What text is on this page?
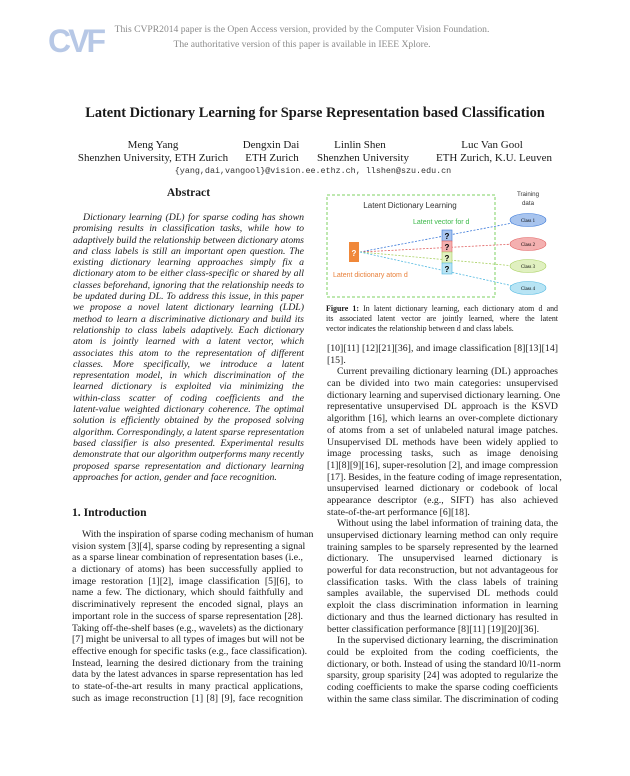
CVF	This CVPR2014 paper is the Open Access version, provided by the Computer Vision Foundation.
The authoritative version of this paper is available in IEEE Xplore.
Latent Dictionary Learning for Sparse Representation based Classification
Meng Yang
Shenzhen University, ETH Zurich
Dengxin Dai
ETH Zurich
Linlin Shen
Shenzhen University
Luc Van Gool
ETH Zurich, K.U. Leuven
{yang,dai,vangool}@vision.ee.ethz.ch, llshen@szu.edu.cn
Abstract
Dictionary learning (DL) for sparse coding has shown
promising results in classification tasks, while how to
adaptively build the relationship between dictionary atoms
and class labels is still an important open question. The
existing dictionary learning approaches simply fix a
dictionary atom to be either class-specific or shared by all
classes beforehand, ignoring that the relationship needs to
be updated during DL. To address this issue, in this paper
we propose a novel latent dictionary learning (LDL)
method to learn a discriminative dictionary and build its
relationship to class labels adaptively. Each dictionary
atom is jointly learned with a latent vector, which
associates this atom to the representation of different
classes. More specifically, we introduce a latent
representation model, in which discrimination of the
learned dictionary is exploited via minimizing the
within-class scatter of coding coefficients and the
latent-value weighted dictionary coherence. The optimal
solution is efficiently obtained by the proposed solving
algorithm. Correspondingly, a latent sparse representation
based classifier is also presented. Experimental results
demonstrate that our algorithm outperforms many recently
proposed sparse representation and dictionary learning
approaches for action, gender and face recognition.
1. Introduction
With the inspiration of sparse coding mechanism of human
vision system [3][4], sparse coding by representing a signal
as a sparse linear combination of representation bases (i.e.,
a dictionary of atoms) has been successfully applied to
image restoration [1][2], image classification [5][6], to
name a few. The dictionary, which should faithfully and
discriminatively represent the encoded signal, plays an
important role in the success of sparse representation [28].
Taking off-the-shelf bases (e.g., wavelets) as the dictionary
[7] might be universal to all types of images but will not be
effective enough for specific tasks (e.g., face classification).
Instead, learning the desired dictionary from the training
data by the latest advances in sparse representation has led
to state-of-the-art results in many practical applications,
such as image reconstruction [1] [8] [9], face recognition
Latent Dictionary Learning
Latent vector for d
Latent dictionary atom d
Training
data
?
?
?
?
?
Class 1
Class 2
Class 3
Class 4
Figure 1: In latent dictionary learning, each dictionary atom d and
its associated latent vector are jointly learned, where the latent
vector indicates the relationship between d and class labels.
[10][11] [12][21][36], and image classification [8][13][14]
[15].
Current prevailing dictionary learning (DL) approaches
can be divided into two main categories: unsupervised
dictionary learning and supervised dictionary learning. One
representative unsupervised DL approach is the KSVD
algorithm [16], which learns an over-complete dictionary
of atoms from a set of unlabeled natural image patches.
Unsupervised DL methods have been widely applied to
image processing tasks, such as image denoising
[1][8][9][16], super-resolution [2], and image compression
[17]. Besides, in the feature coding of image representation,
unsupervised learned dictionary or codebook of local
appearance descriptor (e.g., SIFT) has also achieved
state-of-the-art performance [6][18].
Without using the label information of training data, the
unsupervised dictionary learning method can only require
training samples to be sparsely represented by the learned
dictionary. The unsupervised learned dictionary is
powerful for data reconstruction, but not advantageous for
classification tasks. With the class labels of training
samples available, the supervised DL methods could
exploit the class discrimination information in learning
dictionary and thus the learned dictionary has resulted in
better classification performance [8][11] [19][20][36].
In the supervised dictionary learning, the discrimination
could be exploited from the coding coefficients, the
dictionary, or both. Instead of using the standard l0/l1-norm
sparsity, group sparisity [24] was adopted to regularize the
coding coefficients to make the sparse coding coefficients
within the same class similar. The discrimination of coding
